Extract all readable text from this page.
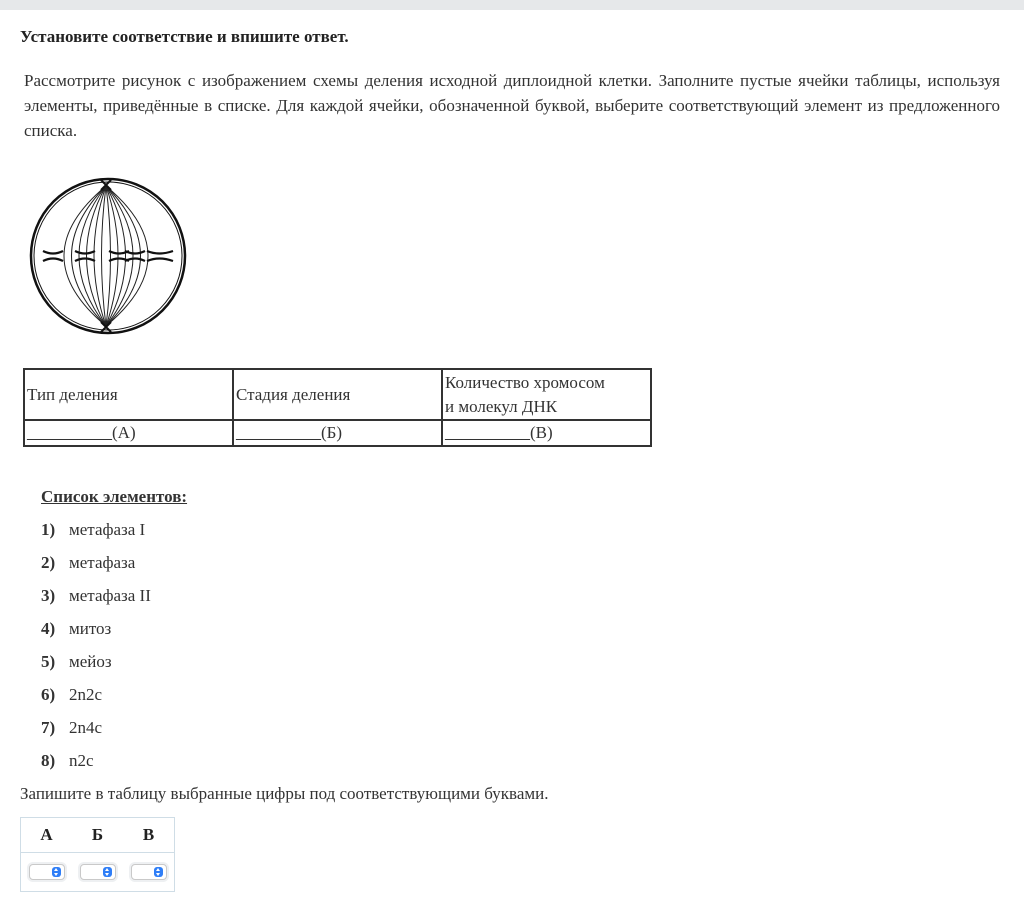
Установите соответствие и впишите ответ.
Рассмотрите рисунок с изображением схемы деления исходной диплоидной клетки. Заполните пустые ячейки таблицы, используя элементы, приведённые в списке. Для каждой ячейки, обозначенной буквой, выберите соответствующий элемент из предложенного списка.
Тип деления	Стадия деления	Количество хромосом
и молекул ДНК
__________(А)	__________(Б)	__________(В)
Список элементов:
1) метафаза I
2) метафаза
3) метафаза II
4) митоз
5) мейоз
6) 2n2c
7) 2n4c
8) n2c
Запишите в таблицу выбранные цифры под соответствующими буквами.
А	Б	В
